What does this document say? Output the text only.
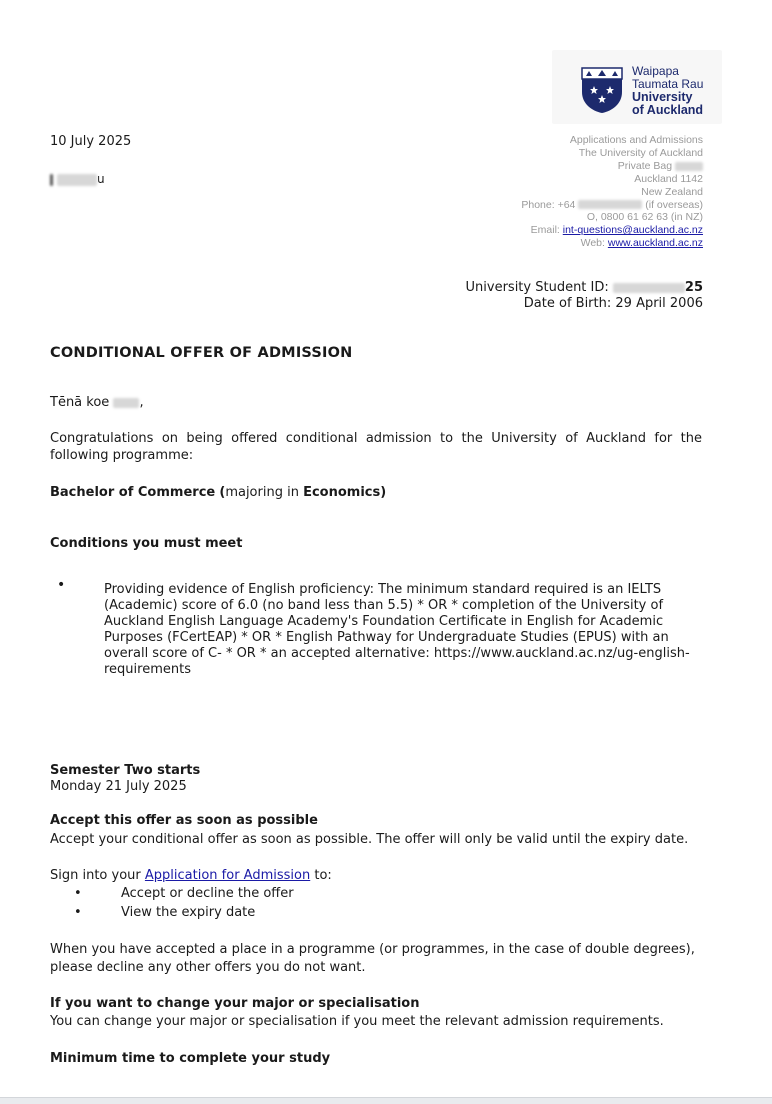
Waipapa
Taumata Rau
University
of Auckland
10 July 2025
u
Applications and Admissions
The University of Auckland
Private Bag
Auckland 1142
New Zealand
Phone: +64	(if overseas)
O, 0800 61 62 63 (in NZ)
Email: int-questions@auckland.ac.nz
Web: www.auckland.ac.nz
University Student ID:	25
Date of Birth: 29 April 2006
CONDITIONAL OFFER OF ADMISSION
Tēnā koe ,
Congratulations on being offered conditional admission to the University of Auckland for the following programme:
Bachelor of Commerce (majoring in Economics)
Conditions you must meet
•	Providing evidence of English proficiency: The minimum standard required is an IELTS (Academic) score of 6.0 (no band less than 5.5) * OR * completion of the University of Auckland English Language Academy's Foundation Certificate in English for Academic Purposes (FCertEAP) * OR * English Pathway for Undergraduate Studies (EPUS) with an overall score of C- * OR * an accepted alternative: https://www.auckland.ac.nz/ug-english-requirements
Semester Two starts
Monday 21 July 2025
Accept this offer as soon as possible
Accept your conditional offer as soon as possible. The offer will only be valid until the expiry date.
Sign into your Application for Admission to:
•	Accept or decline the offer
•	View the expiry date
When you have accepted a place in a programme (or programmes, in the case of double degrees), please decline any other offers you do not want.
If you want to change your major or specialisation
You can change your major or specialisation if you meet the relevant admission requirements.
Minimum time to complete your study
